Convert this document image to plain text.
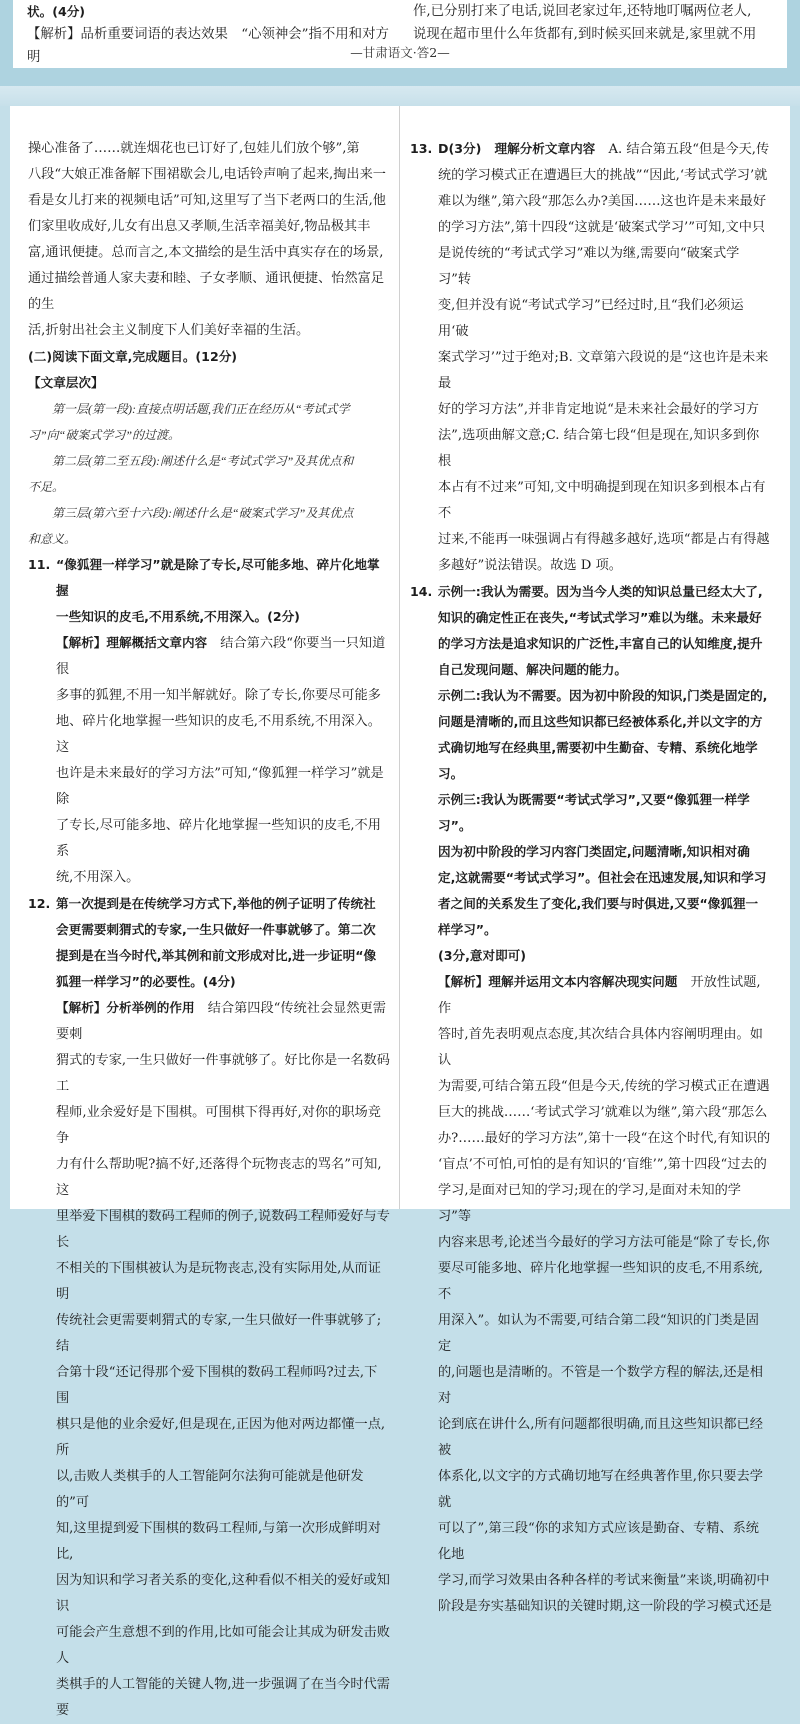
状。(4分)
【解析】品析重要词语的表达效果　“心领神会”指不用和对方明
作,已分别打来了电话,说回老家过年,还特地叮嘱两位老人,
说现在超市里什么年货都有,到时候买回来就是,家里就不用
—甘肃语文·答2—
操心准备了……就连烟花也已订好了,包娃儿们放个够”,第
八段“大娘正准备解下围裙歇会儿,电话铃声响了起来,掏出来一
看是女儿打来的视频电话”可知,这里写了当下老两口的生活,他
们家里收成好,儿女有出息又孝顺,生活幸福美好,物品极其丰
富,通讯便捷。总而言之,本文描绘的是生活中真实存在的场景,
通过描绘普通人家夫妻和睦、子女孝顺、通讯便捷、怡然富足的生
活,折射出社会主义制度下人们美好幸福的生活。
(二)阅读下面文章,完成题目。(12分)
【文章层次】
第一层(第一段):直接点明话题,我们正在经历从“考试式学
习”向“破案式学习”的过渡。
第二层(第二至五段):阐述什么是“考试式学习”及其优点和
不足。
第三层(第六至十六段):阐述什么是“破案式学习”及其优点
和意义。
11. “像狐狸一样学习”就是除了专长,尽可能多地、碎片化地掌握
一些知识的皮毛,不用系统,不用深入。(2分)
【解析】理解概括文章内容　结合第六段“你要当一只知道很
多事的狐狸,不用一知半解就好。除了专长,你要尽可能多
地、碎片化地掌握一些知识的皮毛,不用系统,不用深入。这
也许是未来最好的学习方法”可知,“像狐狸一样学习”就是除
了专长,尽可能多地、碎片化地掌握一些知识的皮毛,不用系
统,不用深入。
12. 第一次提到是在传统学习方式下,举他的例子证明了传统社
会更需要刺猬式的专家,一生只做好一件事就够了。第二次
提到是在当今时代,举其例和前文形成对比,进一步证明“像
狐狸一样学习”的必要性。(4分)
【解析】分析举例的作用　结合第四段“传统社会显然更需要刺
猬式的专家,一生只做好一件事就够了。好比你是一名数码工
程师,业余爱好是下围棋。可围棋下得再好,对你的职场竞争
力有什么帮助呢?搞不好,还落得个玩物丧志的骂名”可知,这
里举爱下围棋的数码工程师的例子,说数码工程师爱好与专长
不相关的下围棋被认为是玩物丧志,没有实际用处,从而证明
传统社会更需要刺猬式的专家,一生只做好一件事就够了;结
合第十段“还记得那个爱下围棋的数码工程师吗?过去,下围
棋只是他的业余爱好,但是现在,正因为他对两边都懂一点,所
以,击败人类棋手的人工智能阿尔法狗可能就是他研发的”可
知,这里提到爱下围棋的数码工程师,与第一次形成鲜明对比,
因为知识和学习者关系的变化,这种看似不相关的爱好或知识
可能会产生意想不到的作用,比如可能会让其成为研发击败人
类棋手的人工智能的关键人物,进一步强调了在当今时代需要
13. D(3分)　 理解分析文章内容　 A. 结合第五段“但是今天,传
统的学习模式正在遭遇巨大的挑战”“因此,‘考试式学习’就
难以为继”,第六段“那怎么办?美国……这也许是未来最好
的学习方法”,第十四段“这就是‘破案式学习’”可知,文中只
是说传统的“考试式学习”难以为继,需要向“破案式学习”转
变,但并没有说“考试式学习”已经过时,且“我们必须运用‘破
案式学习’”过于绝对;B. 文章第六段说的是“这也许是未来最
好的学习方法”,并非肯定地说“是未来社会最好的学习方
法”,选项曲解文意;C. 结合第七段“但是现在,知识多到你根
本占有不过来”可知,文中明确提到现在知识多到根本占有不
过来,不能再一味强调占有得越多越好,选项“都是占有得越
多越好”说法错误。故选 D 项。
14. 示例一:我认为需要。因为当今人类的知识总量已经太大了,
知识的确定性正在丧失,“考试式学习”难以为继。未来最好
的学习方法是追求知识的广泛性,丰富自己的认知维度,提升
自己发现问题、解决问题的能力。
示例二:我认为不需要。因为初中阶段的知识,门类是固定的,
问题是清晰的,而且这些知识都已经被体系化,并以文字的方
式确切地写在经典里,需要初中生勤奋、专精、系统化地学习。
示例三:我认为既需要“考试式学习”,又要“像狐狸一样学习”。
因为初中阶段的学习内容门类固定,问题清晰,知识相对确
定,这就需要“考试式学习”。但社会在迅速发展,知识和学习
者之间的关系发生了变化,我们要与时俱进,又要“像狐狸一
样学习”。
(3分,意对即可)
【解析】理解并运用文本内容解决现实问题　开放性试题,作
答时,首先表明观点态度,其次结合具体内容阐明理由。如认
为需要,可结合第五段“但是今天,传统的学习模式正在遭遇
巨大的挑战……‘考试式学习’就难以为继”,第六段“那怎么
办?……最好的学习方法”,第十一段“在这个时代,有知识的
‘盲点’不可怕,可怕的是有知识的‘盲维’”,第十四段“过去的
学习,是面对已知的学习;现在的学习,是面对未知的学习”等
内容来思考,论述当今最好的学习方法可能是“除了专长,你
要尽可能多地、碎片化地掌握一些知识的皮毛,不用系统,不
用深入”。如认为不需要,可结合第二段“知识的门类是固定
的,问题也是清晰的。不管是一个数学方程的解法,还是相对
论到底在讲什么,所有问题都很明确,而且这些知识都已经被
体系化,以文字的方式确切地写在经典著作里,你只要去学就
可以了”,第三段“你的求知方式应该是勤奋、专精、系统化地
学习,而学习效果由各种各样的考试来衡量”来谈,明确初中
阶段是夯实基础知识的关键时期,这一阶段的学习模式还是
